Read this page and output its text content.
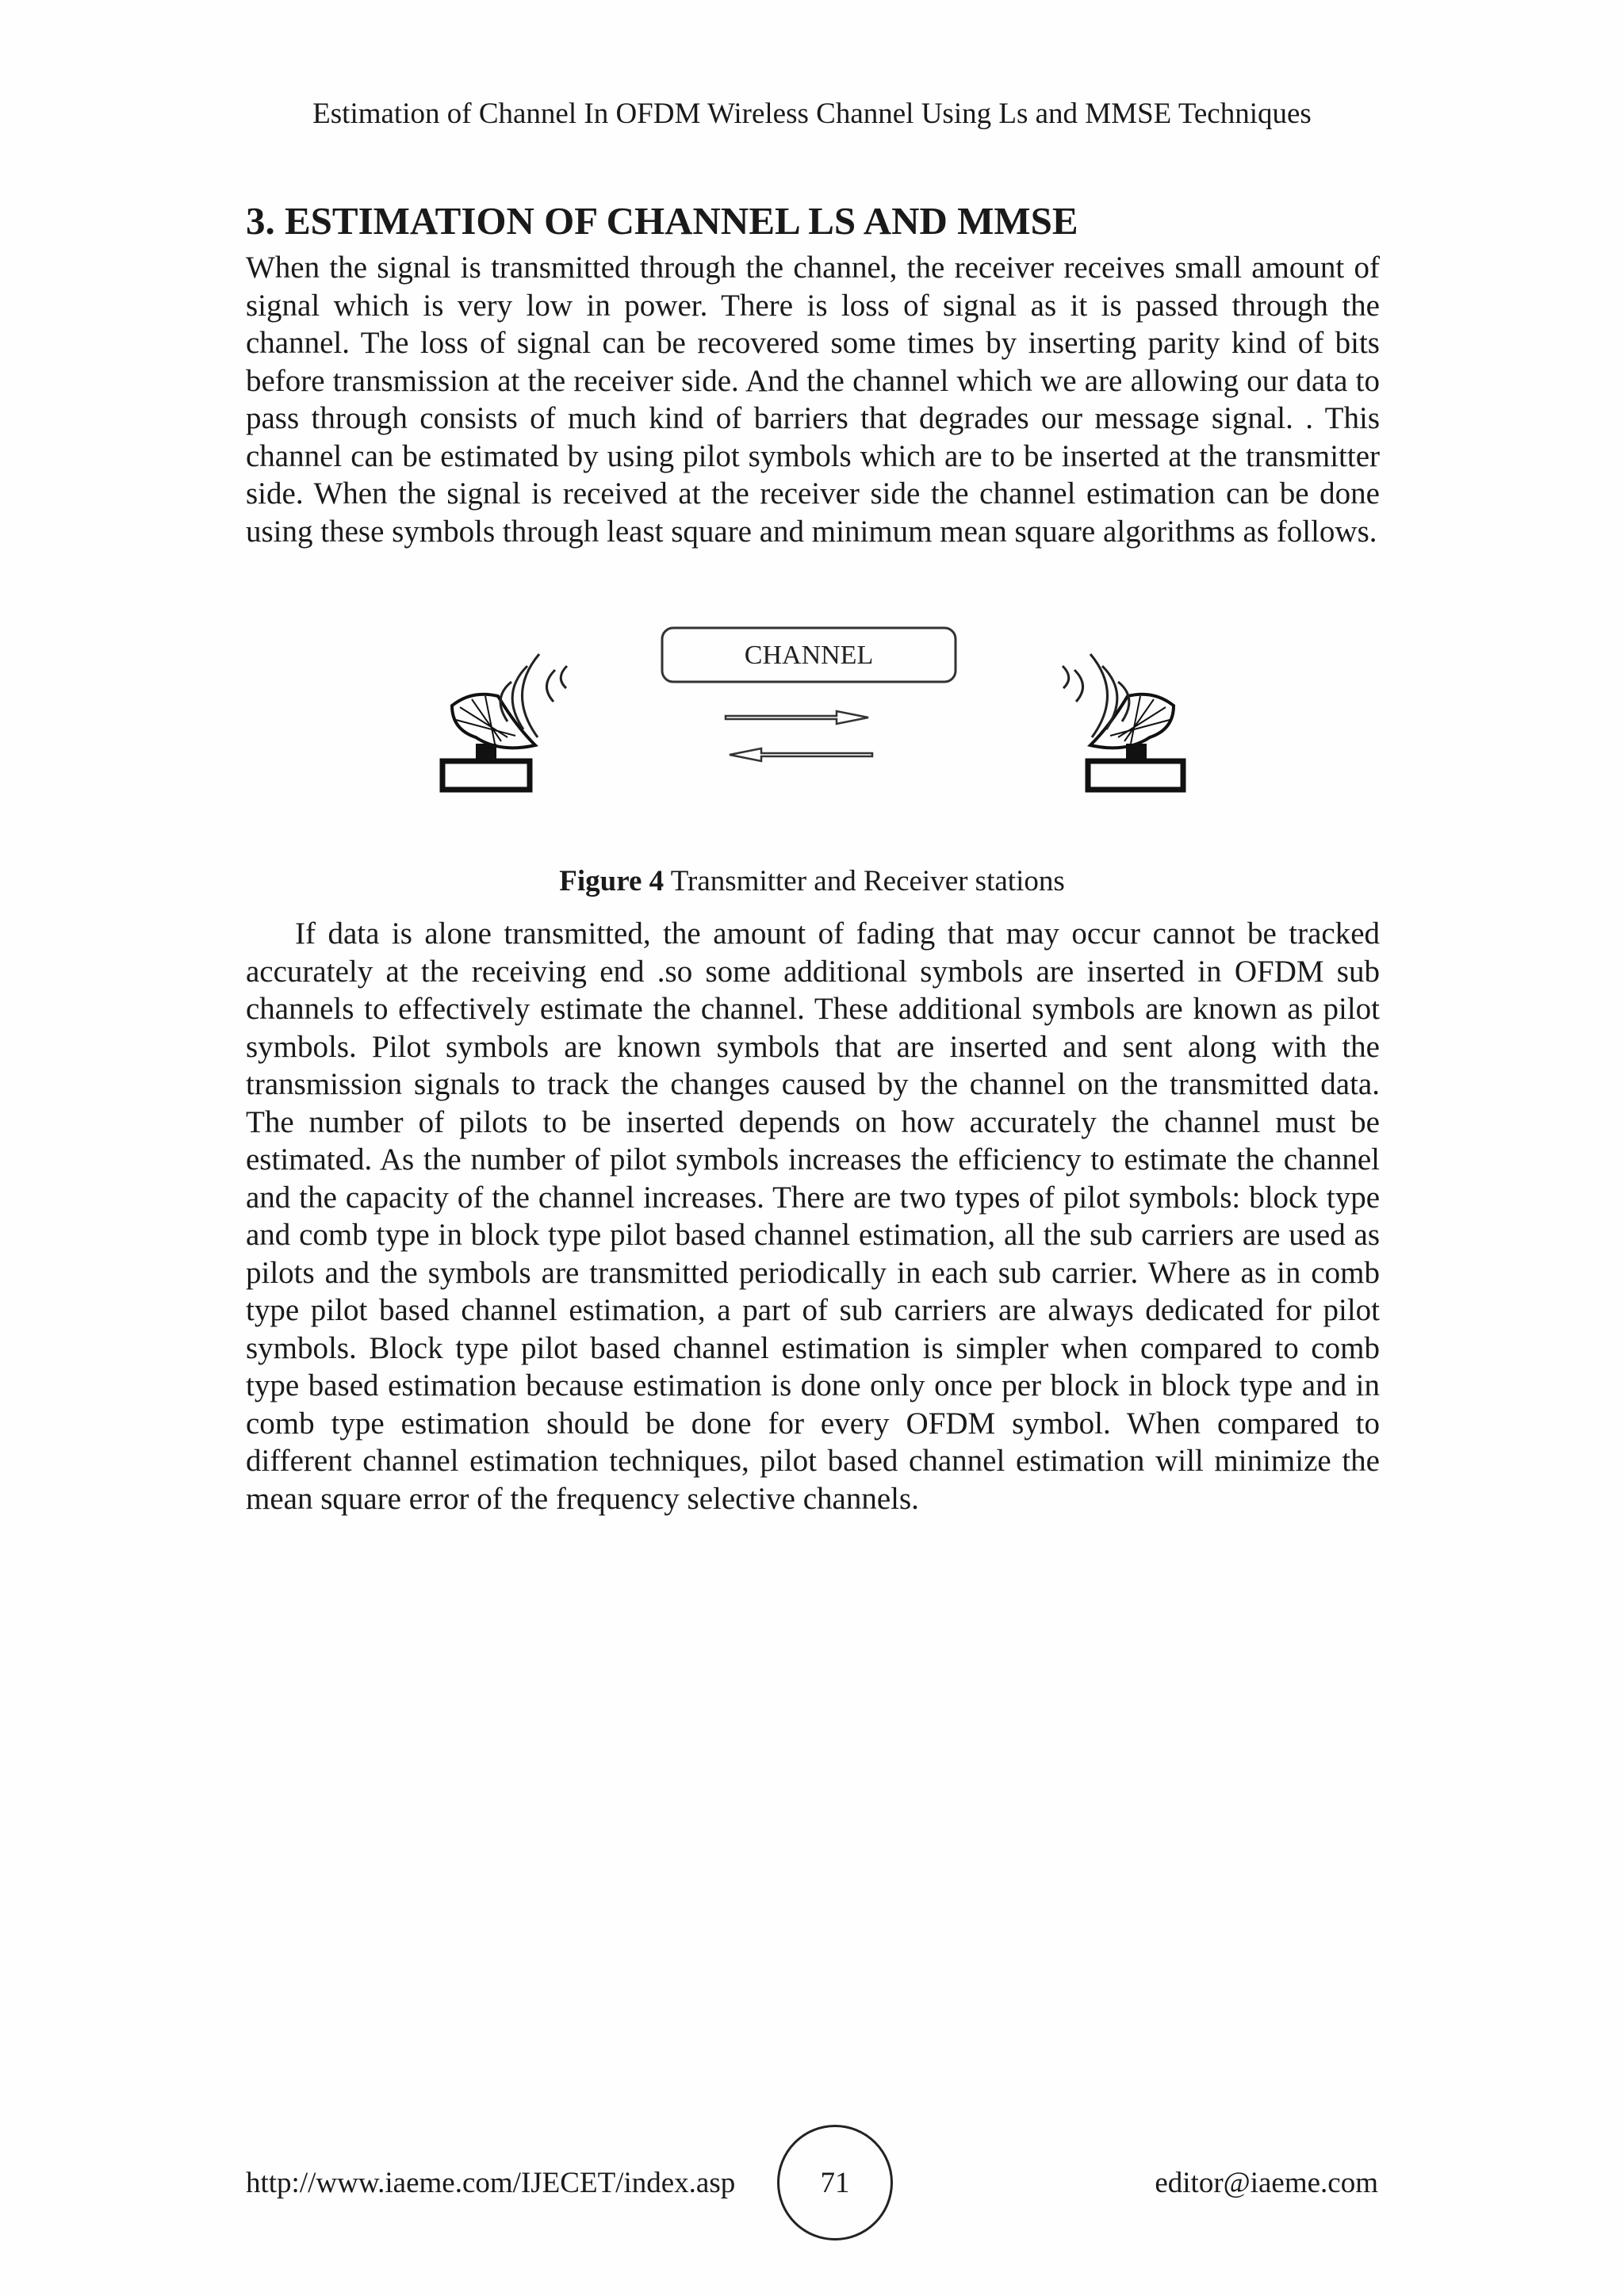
Estimation of Channel In OFDM Wireless Channel Using Ls and MMSE Techniques
3. ESTIMATION OF CHANNEL LS AND MMSE

When the signal is transmitted through the channel, the receiver receives small amount of signal which is very low in power. There is loss of signal as it is passed through the channel. The loss of signal can be recovered some times by inserting parity kind of bits before transmission at the receiver side. And the channel which we are allowing our data to pass through consists of much kind of barriers that degrades our message signal. . This channel can be estimated by using pilot symbols which are to be inserted at the transmitter side. When the signal is received at the receiver side the channel estimation can be done using these symbols through least square and minimum mean square algorithms as follows.

CHANNEL
Figure 4 Transmitter and Receiver stations

If data is alone transmitted, the amount of fading that may occur cannot be tracked accurately at the receiving end .so some additional symbols are inserted in OFDM sub channels to effectively estimate the channel. These additional symbols are known as pilot symbols. Pilot symbols are known symbols that are inserted and sent along with the transmission signals to track the changes caused by the channel on the transmitted data. The number of pilots to be inserted depends on how accurately the channel must be estimated. As the number of pilot symbols increases the efficiency to estimate the channel and the capacity of the channel increases. There are two types of pilot symbols: block type and comb type in block type pilot based channel estimation, all the sub carriers are used as pilots and the symbols are transmitted periodically in each sub carrier. Where as in comb type pilot based channel estimation, a part of sub carriers are always dedicated for pilot symbols. Block type pilot based channel estimation is simpler when compared to comb type based estimation because estimation is done only once per block in block type and in comb type estimation should be done for every OFDM symbol. When compared to different channel estimation techniques, pilot based channel estimation will minimize the mean square error of the frequency selective channels.

http://www.iaeme.com/IJECET/index.asp	71	editor@iaeme.com
